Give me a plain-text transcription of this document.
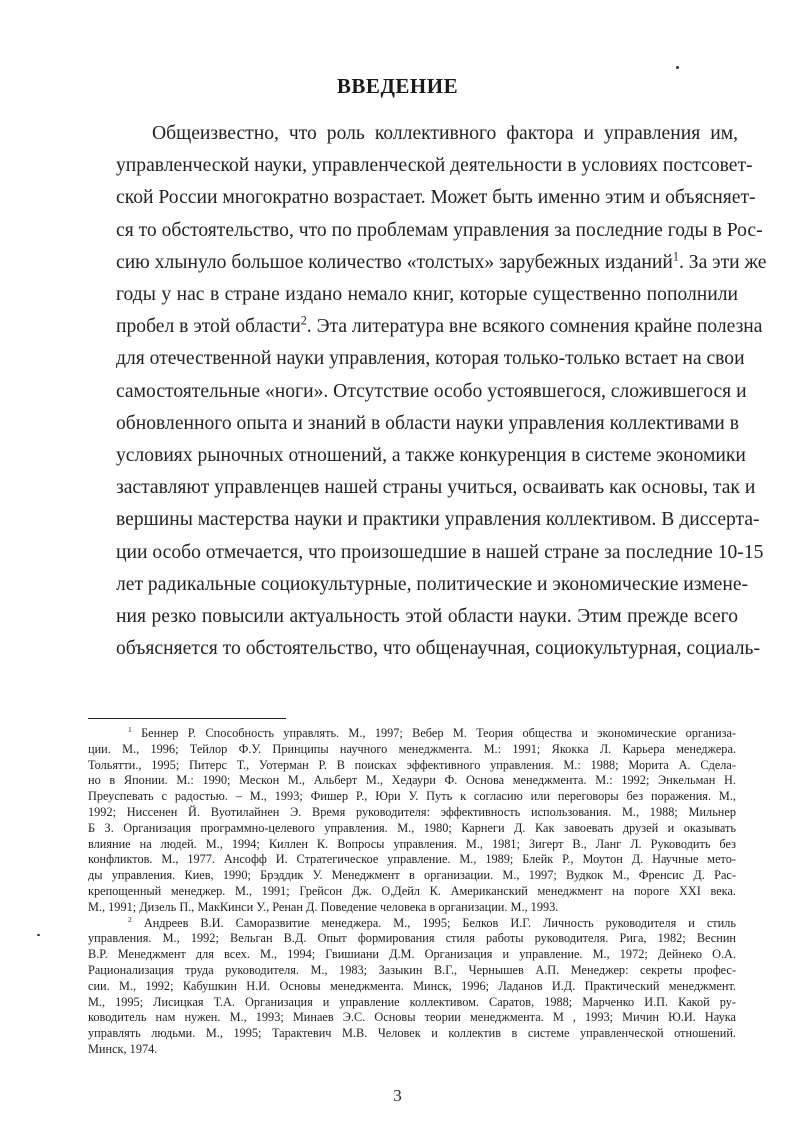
ВВЕДЕНИЕ
Общеизвестно, что роль коллективного фактора и управления им,
управленческой науки, управленческой деятельности в условиях постсовет-
ской России многократно возрастает. Может быть именно этим и объясняет-
ся то обстоятельство, что по проблемам управления за последние годы в Рос-
сию хлынуло большое количество «толстых» зарубежных изданий$^1$. За эти же
годы у нас в стране издано немало книг, которые существенно пополнили
пробел в этой области$^2$. Эта литература вне всякого сомнения крайне полезна
для отечественной науки управления, которая только-только встает на свои
самостоятельные «ноги». Отсутствие особо устоявшегося, сложившегося и
обновленного опыта и знаний в области науки управления коллективами в
условиях рыночных отношений, а также конкуренция в системе экономики
заставляют управленцев нашей страны учиться, осваивать как основы, так и
вершины мастерства науки и практики управления коллективом. В диссерта-
ции особо отмечается, что произошедшие в нашей стране за последние 10-15
лет радикальные социокультурные, политические и экономические измене-
ния резко повысили актуальность этой области науки. Этим прежде всего
объясняется то обстоятельство, что общенаучная, социокультурная, социаль-
$^1$ Беннер Р. Способность управлять. М., 1997; Вебер М. Теория общества и экономические организа-
ции. М., 1996; Тейлор Ф.У. Принципы научного менеджмента. М.: 1991; Якокка Л. Карьера менеджера.
Тольятти., 1995; Питерс Т., Уотерман Р. В поисках эффективного управления. М.: 1988; Морита А. Сдела-
но в Японии. М.: 1990; Мескон М., Альберт М., Хедаури Ф. Основа менеджмента. М.: 1992; Энкельман Н.
Преуспевать с радостью. – М., 1993; Фишер Р., Юри У. Путь к согласию или переговоры без поражения. М.,
1992; Ниссенен Й. Вуотилайнен Э. Время руководителя: эффективность использования. М., 1988; Мильнер
Б З. Организация программно-целевого управления. М., 1980; Карнеги Д. Как завоевать друзей и оказывать
влияние на людей. М., 1994; Киллен К. Вопросы управления. М., 1981; Зигерт В., Ланг Л. Руководить без
конфликтов. М., 1977. Ансофф И. Стратегическое управление. М., 1989; Блейк Р., Моутон Д. Научные мето-
ды управления. Киев, 1990; Брэддик У. Менеджмент в организации. М., 1997; Вудкок М., Френсис Д. Рас-
крепощенный менеджер. М., 1991; Грейсон Дж. О,Дейл К. Американский менеджмент на пороге XXI века.
М., 1991; Дизель П., МакКинси У., Ренан Д. Поведение человека в организации. М., 1993.
$^2$ Андреев В.И. Саморазвитие менеджера. М., 1995; Белков И.Г. Личность руководителя и стиль
управления. М., 1992; Вельган В.Д. Опыт формирования стиля работы руководителя. Рига, 1982; Веснин
В.Р. Менеджмент для всех. М., 1994; Гвишиани Д.М. Организация и управление. М., 1972; Дейнеко О.А.
Рационализация труда руководителя. М., 1983; Зазыкин В.Г., Чернышев А.П. Менеджер: секреты профес-
сии. М., 1992; Кабушкин Н.И. Основы менеджмента. Минск, 1996; Ладанов И.Д. Практический менеджмент.
М., 1995; Лисицкая Т.А. Организация и управление коллективом. Саратов, 1988; Марченко И.П. Какой ру-
ководитель нам нужен. М., 1993; Минаев Э.С. Основы теории менеджмента. М , 1993; Мичин Ю.И. Наука
управлять людьми. М., 1995; Тарактевич М.В. Человек и коллектив в системе управленческой отношений.
Минск, 1974.
3
